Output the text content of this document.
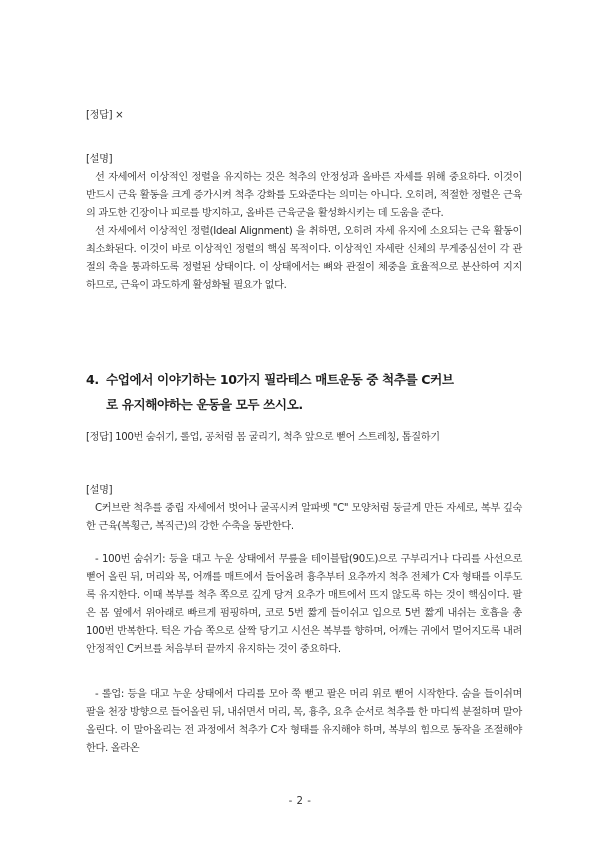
[정답] ×

[설명]

선 자세에서 이상적인 정렬을 유지하는 것은 척추의 안정성과 올바른 자세를 위해 중요하다. 이것이 반드시 근육 활동을 크게 증가시켜 척추 강화를 도와준다는 의미는 아니다. 오히려, 적절한 정렬은 근육의 과도한 긴장이나 피로를 방지하고, 올바른 근육군을 활성화시키는 데 도움을 준다.

선 자세에서 이상적인 정렬(Ideal Alignment) 을 취하면, 오히려 자세 유지에 소요되는 근육 활동이 최소화된다. 이것이 바로 이상적인 정렬의 핵심 목적이다. 이상적인 자세란 신체의 무게중심선이 각 관절의 축을 통과하도록 정렬된 상태이다. 이 상태에서는 뼈와 관절이 체중을 효율적으로 분산하여 지지하므로, 근육이 과도하게 활성화될 필요가 없다.

4. 수업에서 이야기하는 10가지 필라테스 매트운동 중 척추를 C커브
로 유지해야하는 운동을 모두 쓰시오.

[정답] 100번 숨쉬기, 롤업, 공처럼 몸 굴리기, 척추 앞으로 뻗어 스트레칭, 톱질하기

[설명]

C커브란 척추를 중립 자세에서 벗어나 굴곡시켜 알파벳 "C" 모양처럼 둥글게 만든 자세로, 복부 깊숙한 근육(복횡근, 복직근)의 강한 수축을 동반한다.

- 100번 숨쉬기: 등을 대고 누운 상태에서 무릎을 테이블탑(90도)으로 구부리거나 다리를 사선으로 뻗어 올린 뒤, 머리와 목, 어깨를 매트에서 들어올려 흉추부터 요추까지 척추 전체가 C자 형태를 이루도록 유지한다. 이때 복부를 척추 쪽으로 깊게 당겨 요추가 매트에서 뜨지 않도록 하는 것이 핵심이다. 팔은 몸 옆에서 위아래로 빠르게 펌핑하며, 코로 5번 짧게 들이쉬고 입으로 5번 짧게 내쉬는 호흡을 총 100번 반복한다. 턱은 가슴 쪽으로 살짝 당기고 시선은 복부를 향하며, 어깨는 귀에서 멀어지도록 내려 안정적인 C커브를 처음부터 끝까지 유지하는 것이 중요하다.

- 롤업: 등을 대고 누운 상태에서 다리를 모아 쭉 뻗고 팔은 머리 위로 뻗어 시작한다. 숨을 들이쉬며 팔을 천장 방향으로 들어올린 뒤, 내쉬면서 머리, 목, 흉추, 요추 순서로 척추를 한 마디씩 분절하며 말아올린다. 이 말아올리는 전 과정에서 척추가 C자 형태를 유지해야 하며, 복부의 힘으로 동작을 조절해야 한다. 올라온

- 2 -
